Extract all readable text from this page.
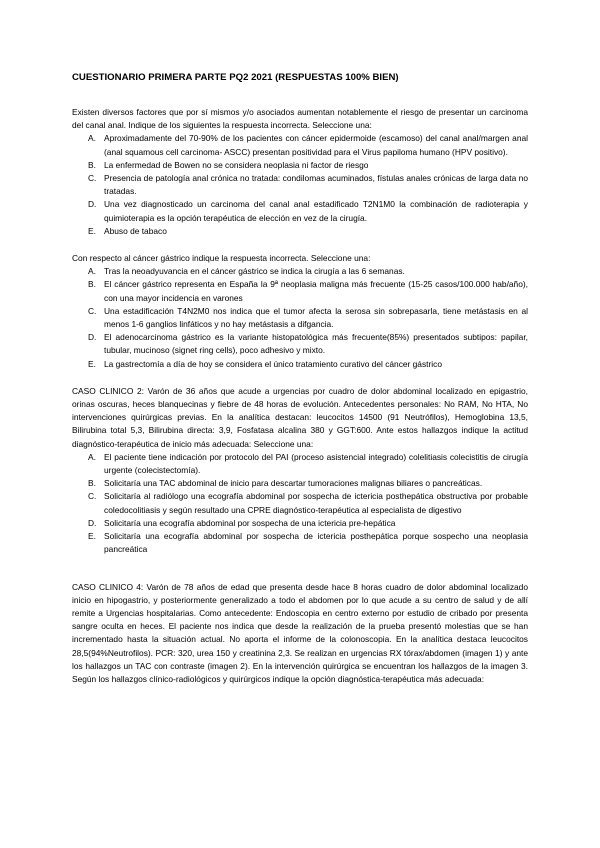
CUESTIONARIO PRIMERA PARTE PQ2 2021 (RESPUESTAS 100% BIEN)

Existen diversos factores que por sí mismos y/o asociados aumentan notablemente el riesgo de presentar un carcinoma del canal anal. Indique de los siguientes la respuesta incorrecta. Seleccione una:

A. Aproximadamente del 70-90% de los pacientes con cáncer epidermoide (escamoso) del canal anal/margen anal (anal squamous cell carcinoma- ASCC) presentan positividad para el Virus papiloma humano (HPV positivo).
B. La enfermedad de Bowen no se considera neoplasia ni factor de riesgo
C. Presencia de patología anal crónica no tratada: condilomas acuminados, fístulas anales crónicas de larga data no tratadas.
D. Una vez diagnosticado un carcinoma del canal anal estadificado T2N1M0 la combinación de radioterapia y quimioterapia es la opción terapéutica de elección en vez de la cirugía.
E. Abuso de tabaco

Con respecto al cáncer gástrico indique la respuesta incorrecta. Seleccione una:

A. Tras la neoadyuvancia en el cáncer gástrico se indica la cirugía a las 6 semanas.
B. El cáncer gástrico representa en España la 9ª neoplasia maligna más frecuente (15-25 casos/100.000 hab/año), con una mayor incidencia en varones
C. Una estadificación T4N2M0 nos indica que el tumor afecta la serosa sin sobrepasarla, tiene metástasis en al menos 1-6 ganglios linfáticos y no hay metástasis a difgancia.
D. El adenocarcinoma gástrico es la variante histopatológica más frecuente(85%) presentados subtipos: papilar, tubular, mucinoso (signet ring cells), poco adhesivo y mixto.
E. La gastrectomía a día de hoy se considera el único tratamiento curativo del cáncer gástrico

CASO CLINICO 2: Varón de 36 años que acude a urgencias por cuadro de dolor abdominal localizado en epigastrio, orinas oscuras, heces blanquecinas y fiebre de 48 horas de evolución. Antecedentes personales: No RAM, No HTA, No intervenciones quirúrgicas previas. En la analítica destacan: leucocitos 14500 (91 Neutrófilos), Hemoglobina 13,5, Bilirubina total 5,3, Bilirubina directa: 3,9, Fosfatasa alcalina 380 y GGT:600. Ante estos hallazgos indique la actitud diagnóstico-terapéutica de inicio más adecuada: Seleccione una:

A. El paciente tiene indicación por protocolo del PAI (proceso asistencial integrado) colelitiasis colecistitis de cirugía urgente (colecistectomía).
B. Solicitaría una TAC abdominal de inicio para descartar tumoraciones malignas biliares o pancreáticas.
C. Solicitaría al radiólogo una ecografía abdominal por sospecha de ictericia posthepática obstructiva por probable coledocolitiasis y según resultado una CPRE diagnóstico-terapéutica al especialista de digestivo
D. Solicitaría una ecografía abdominal por sospecha de una ictericia pre-hepática
E. Solicitaría una ecografía abdominal por sospecha de ictericia posthepática porque sospecho una neoplasia pancreática

CASO CLINICO 4: Varón de 78 años de edad que presenta desde hace 8 horas cuadro de dolor abdominal localizado inicio en hipogastrio, y posteriormente generalizado a todo el abdomen por lo que acude a su centro de salud y de allí remite a Urgencias hospitalarias. Como antecedente: Endoscopia en centro externo por estudio de cribado por presenta sangre oculta en heces. El paciente nos indica que desde la realización de la prueba presentó molestias que se han incrementado hasta la situación actual. No aporta el informe de la colonoscopia. En la analítica destaca leucocitos 28,5(94%Neutrofilos). PCR: 320, urea 150 y creatinina 2,3. Se realizan en urgencias RX tórax/abdomen (imagen 1) y ante los hallazgos un TAC con contraste (imagen 2). En la intervención quirúrgica se encuentran los hallazgos de la imagen 3. Según los hallazgos clínico-radiológicos y quirúrgicos indique la opción diagnóstica-terapéutica más adecuada:
